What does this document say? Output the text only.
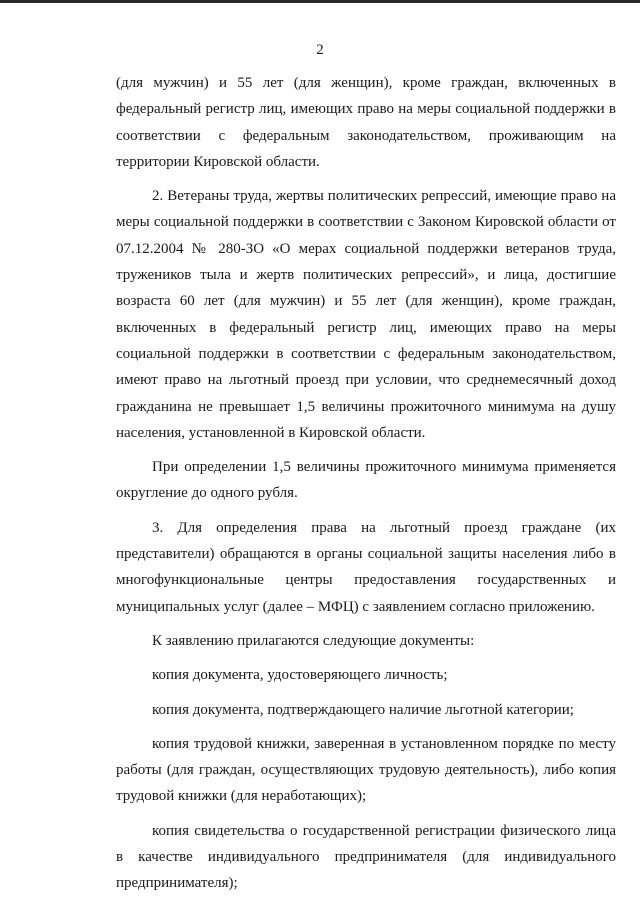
2

(для мужчин) и 55 лет (для женщин), кроме граждан, включенных в федеральный регистр лиц, имеющих право на меры социальной поддержки в соответствии с федеральным законодательством, проживающим на территории Кировской области.

2. Ветераны труда, жертвы политических репрессий, имеющие право на меры социальной поддержки в соответствии с Законом Кировской области от 07.12.2004 № 280-ЗО «О мерах социальной поддержки ветеранов труда, тружеников тыла и жертв политических репрессий», и лица, достигшие возраста 60 лет (для мужчин) и 55 лет (для женщин), кроме граждан, включенных в федеральный регистр лиц, имеющих право на меры социальной поддержки в соответствии с федеральным законодательством, имеют право на льготный проезд при условии, что среднемесячный доход гражданина не превышает 1,5 величины прожиточного минимума на душу населения, установленной в Кировской области.

При определении 1,5 величины прожиточного минимума применяется округление до одного рубля.

3. Для определения права на льготный проезд граждане (их представители) обращаются в органы социальной защиты населения либо в многофункциональные центры предоставления государственных и муниципальных услуг (далее – МФЦ) с заявлением согласно приложению.

К заявлению прилагаются следующие документы:

копия документа, удостоверяющего личность;

копия документа, подтверждающего наличие льготной категории;

копия трудовой книжки, заверенная в установленном порядке по месту работы (для граждан, осуществляющих трудовую деятельность), либо копия трудовой книжки (для неработающих);

копия свидетельства о государственной регистрации физического лица в качестве индивидуального предпринимателя (для индивидуального предпринимателя);
